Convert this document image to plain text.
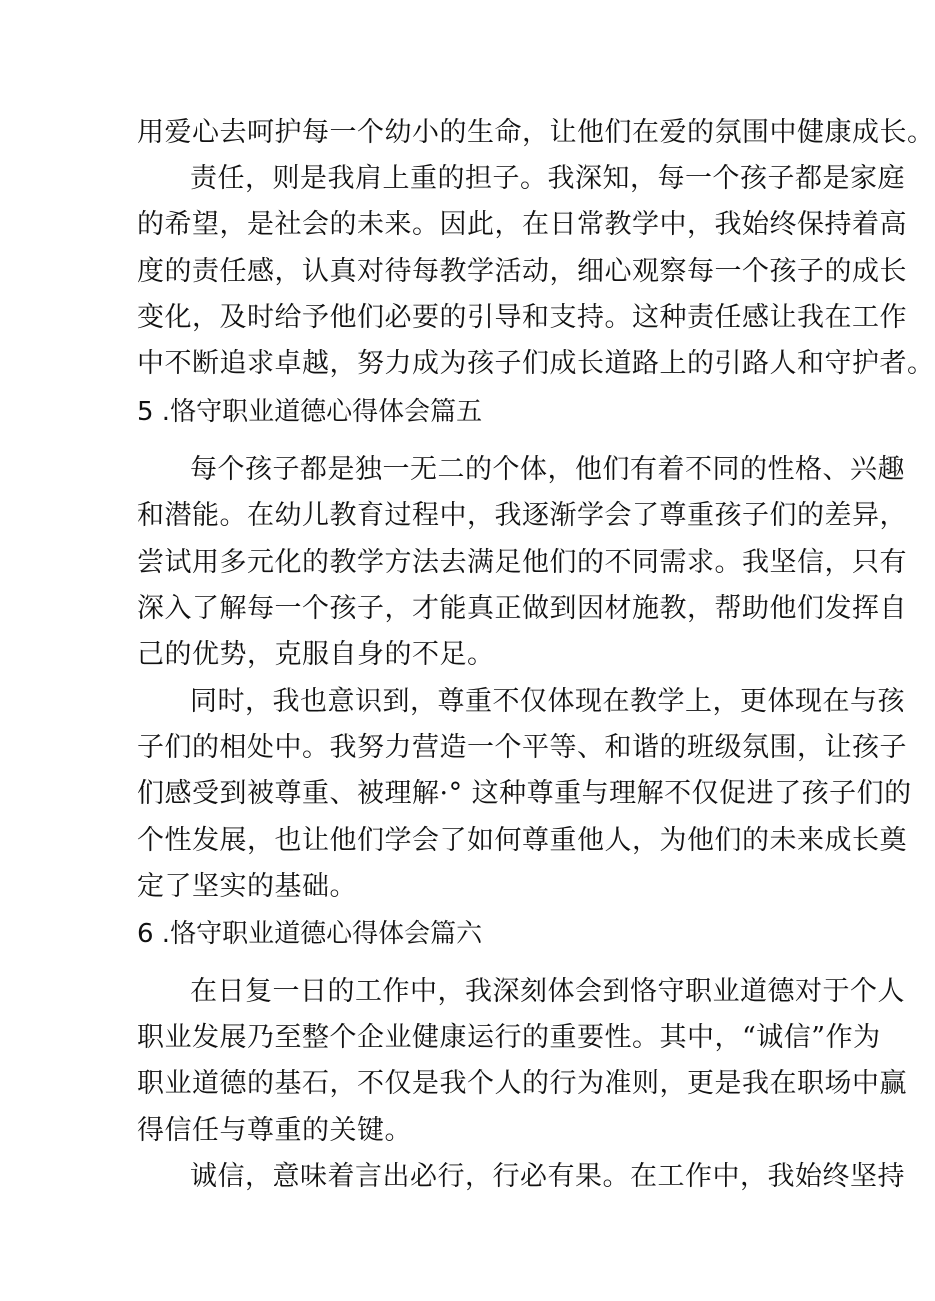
用爱心去呵护每一个幼小的生命，让他们在爱的氛围中健康成长。
责任，则是我肩上重的担子。我深知，每一个孩子都是家庭
的希望，是社会的未来。因此，在日常教学中，我始终保持着高
度的责任感，认真对待每教学活动，细心观察每一个孩子的成长
变化，及时给予他们必要的引导和支持。这种责任感让我在工作
中不断追求卓越，努力成为孩子们成长道路上的引路人和守护者。
5 .恪守职业道德心得体会篇五
每个孩子都是独一无二的个体，他们有着不同的性格、兴趣
和潜能。在幼儿教育过程中，我逐渐学会了尊重孩子们的差异，
尝试用多元化的教学方法去满足他们的不同需求。我坚信，只有
深入了解每一个孩子，才能真正做到因材施教，帮助他们发挥自
己的优势，克服自身的不足。
同时，我也意识到，尊重不仅体现在教学上，更体现在与孩
子们的相处中。我努力营造一个平等、和谐的班级氛围，让孩子
们感受到被尊重、被理解·° 这种尊重与理解不仅促进了孩子们的
个性发展，也让他们学会了如何尊重他人，为他们的未来成长奠
定了坚实的基础。
6 .恪守职业道德心得体会篇六
在日复一日的工作中，我深刻体会到恪守职业道德对于个人
职业发展乃至整个企业健康运行的重要性。其中，“诚信”作为
职业道德的基石，不仅是我个人的行为准则，更是我在职场中赢
得信任与尊重的关键。
诚信，意味着言出必行，行必有果。在工作中，我始终坚持
